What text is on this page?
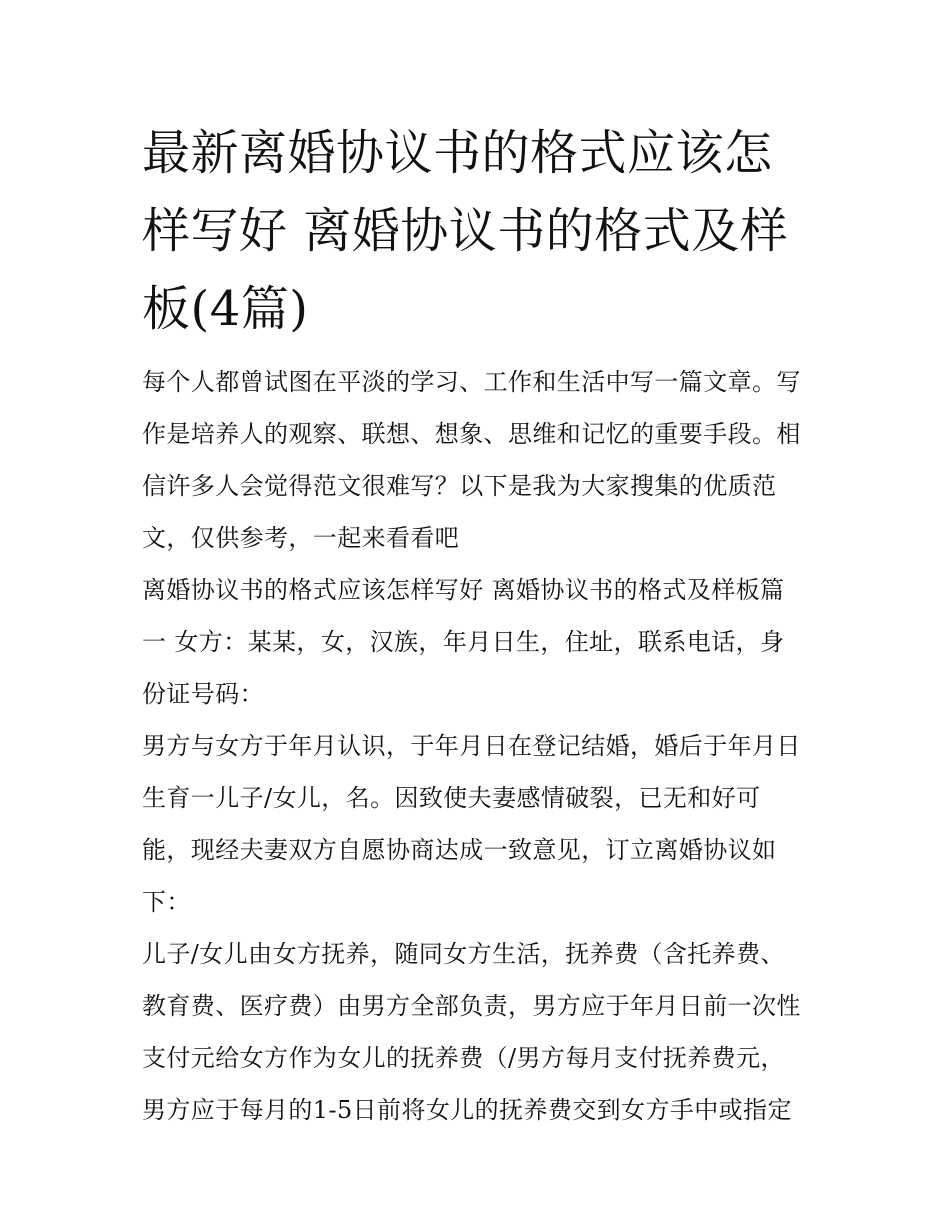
最新离婚协议书的格式应该怎
样写好 离婚协议书的格式及样
板(4篇)
每个人都曾试图在平淡的学习、工作和生活中写一篇文章。写
作是培养人的观察、联想、想象、思维和记忆的重要手段。相
信许多人会觉得范文很难写？以下是我为大家搜集的优质范
文，仅供参考，一起来看看吧
离婚协议书的格式应该怎样写好 离婚协议书的格式及样板篇
一 女方：某某，女，汉族，年月日生，住址，联系电话，身
份证号码：
男方与女方于年月认识，于年月日在登记结婚，婚后于年月日
生育一儿子/女儿，名。因致使夫妻感情破裂，已无和好可
能，现经夫妻双方自愿协商达成一致意见，订立离婚协议如
下：
儿子/女儿由女方抚养，随同女方生活，抚养费（含托养费、
教育费、医疗费）由男方全部负责，男方应于年月日前一次性
支付元给女方作为女儿的抚养费（/男方每月支付抚养费元，
男方应于每月的1-5日前将女儿的抚养费交到女方手中或指定
